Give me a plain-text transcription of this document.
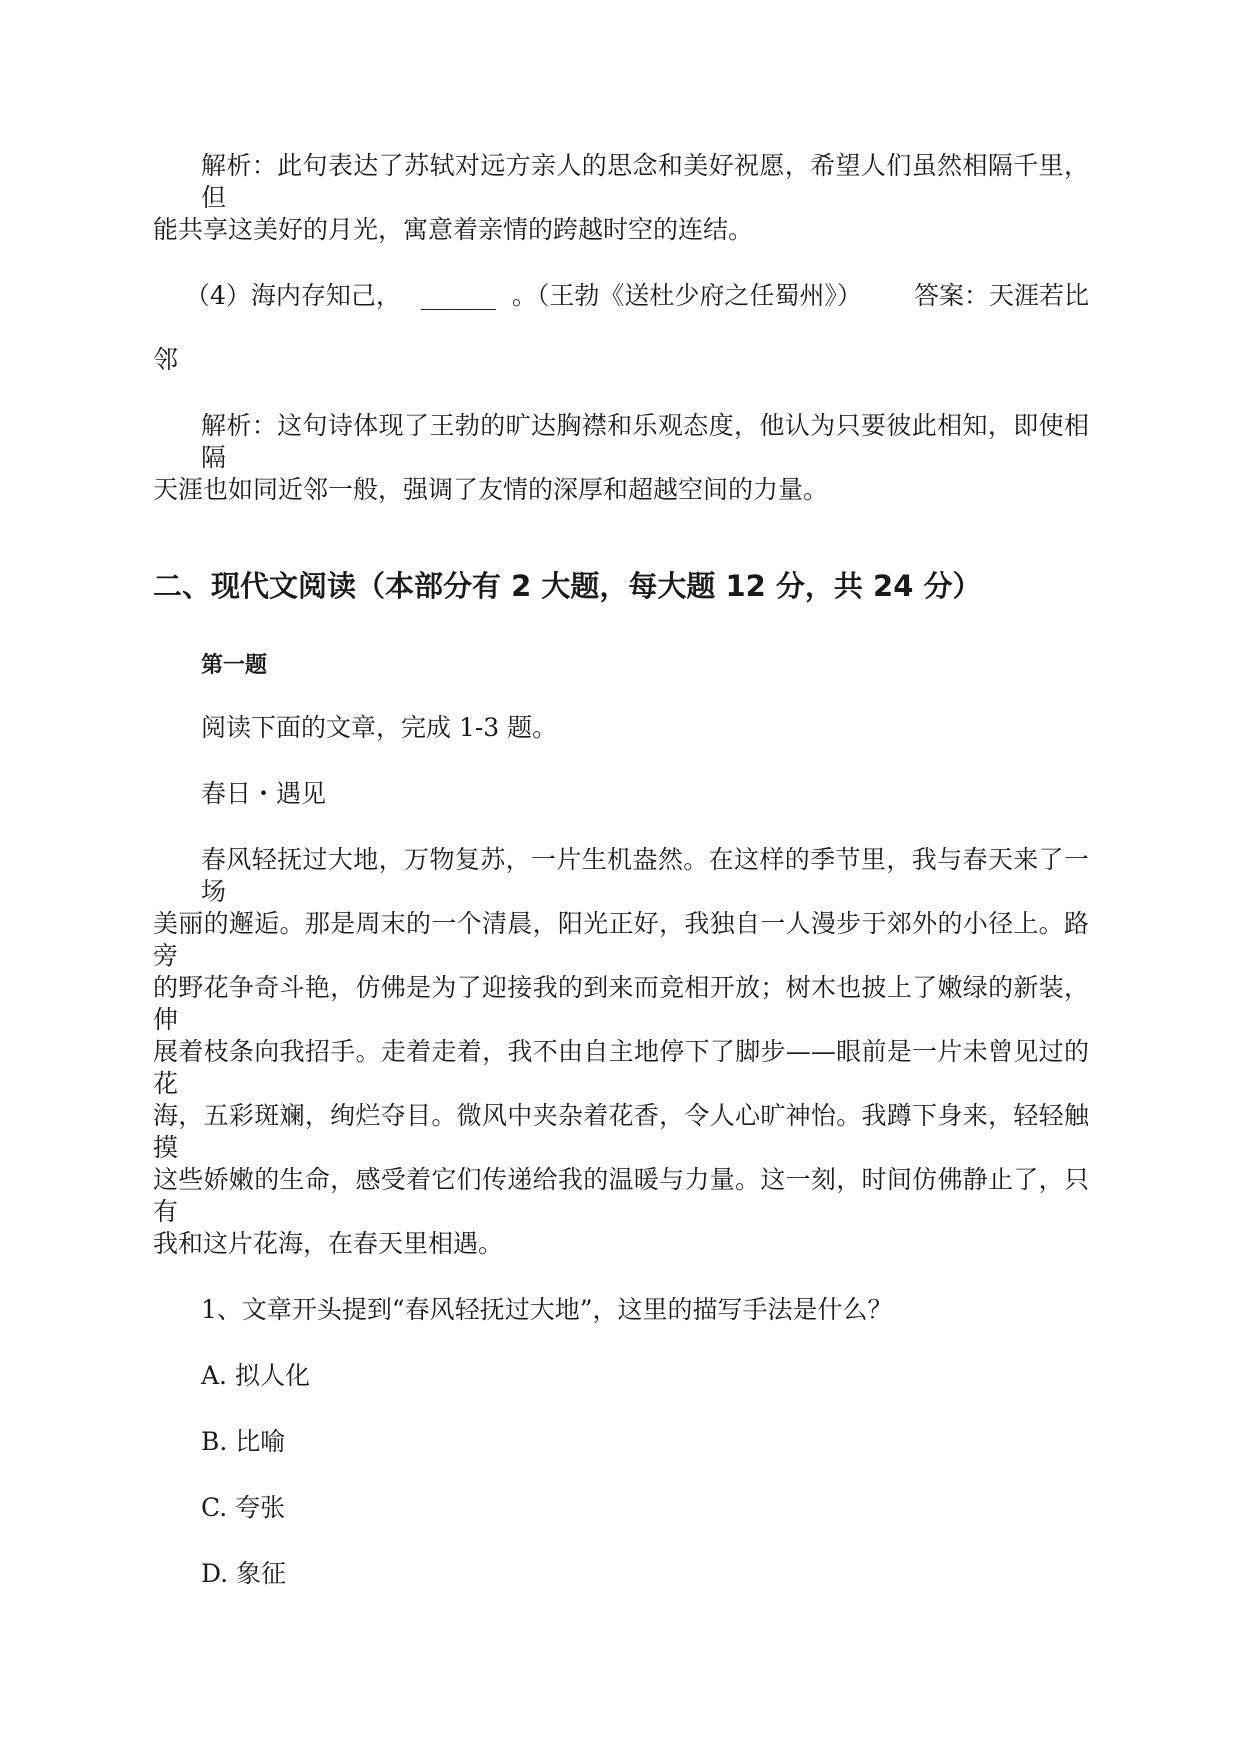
解析：此句表达了苏轼对远方亲人的思念和美好祝愿，希望人们虽然相隔千里，但
能共享这美好的月光，寓意着亲情的跨越时空的连结。
（4）海内存知己， ______ 。（王勃《送杜少府之任蜀州》） 答案：天涯若比
邻
解析：这句诗体现了王勃的旷达胸襟和乐观态度，他认为只要彼此相知，即使相隔
天涯也如同近邻一般，强调了友情的深厚和超越空间的力量。
二、现代文阅读（本部分有 2 大题，每大题 12 分，共 24 分）
第一题
阅读下面的文章，完成 1-3 题。
春日・遇见
春风轻抚过大地，万物复苏，一片生机盎然。在这样的季节里，我与春天来了一场
美丽的邂逅。那是周末的一个清晨，阳光正好，我独自一人漫步于郊外的小径上。路旁
的野花争奇斗艳，仿佛是为了迎接我的到来而竞相开放；树木也披上了嫩绿的新装，伸
展着枝条向我招手。走着走着，我不由自主地停下了脚步——眼前是一片未曾见过的花
海，五彩斑斓，绚烂夺目。微风中夹杂着花香，令人心旷神怡。我蹲下身来，轻轻触摸
这些娇嫩的生命，感受着它们传递给我的温暖与力量。这一刻，时间仿佛静止了，只有
我和这片花海，在春天里相遇。
1、文章开头提到“春风轻抚过大地”，这里的描写手法是什么？
A. 拟人化
B. 比喻
C. 夸张
D. 象征
